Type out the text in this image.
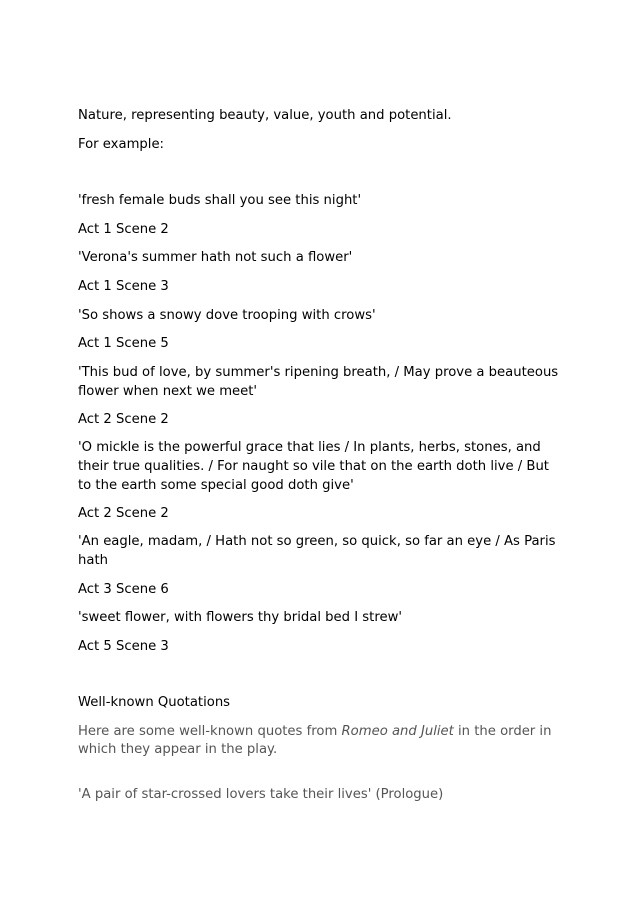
Nature, representing beauty, value, youth and potential.
For example:
'fresh female buds shall you see this night'
Act 1 Scene 2
'Verona's summer hath not such a flower'
Act 1 Scene 3
'So shows a snowy dove trooping with crows'
Act 1 Scene 5
'This bud of love, by summer's ripening breath, / May prove a beauteous
flower when next we meet'
Act 2 Scene 2
'O mickle is the powerful grace that lies / In plants, herbs, stones, and
their true qualities. / For naught so vile that on the earth doth live / But
to the earth some special good doth give'
Act 2 Scene 2
'An eagle, madam, / Hath not so green, so quick, so far an eye / As Paris
hath
Act 3 Scene 6
'sweet flower, with flowers thy bridal bed I strew'
Act 5 Scene 3
Well-known Quotations
Here are some well-known quotes from Romeo and Juliet in the order in
which they appear in the play.
'A pair of star-crossed lovers take their lives' (Prologue)
